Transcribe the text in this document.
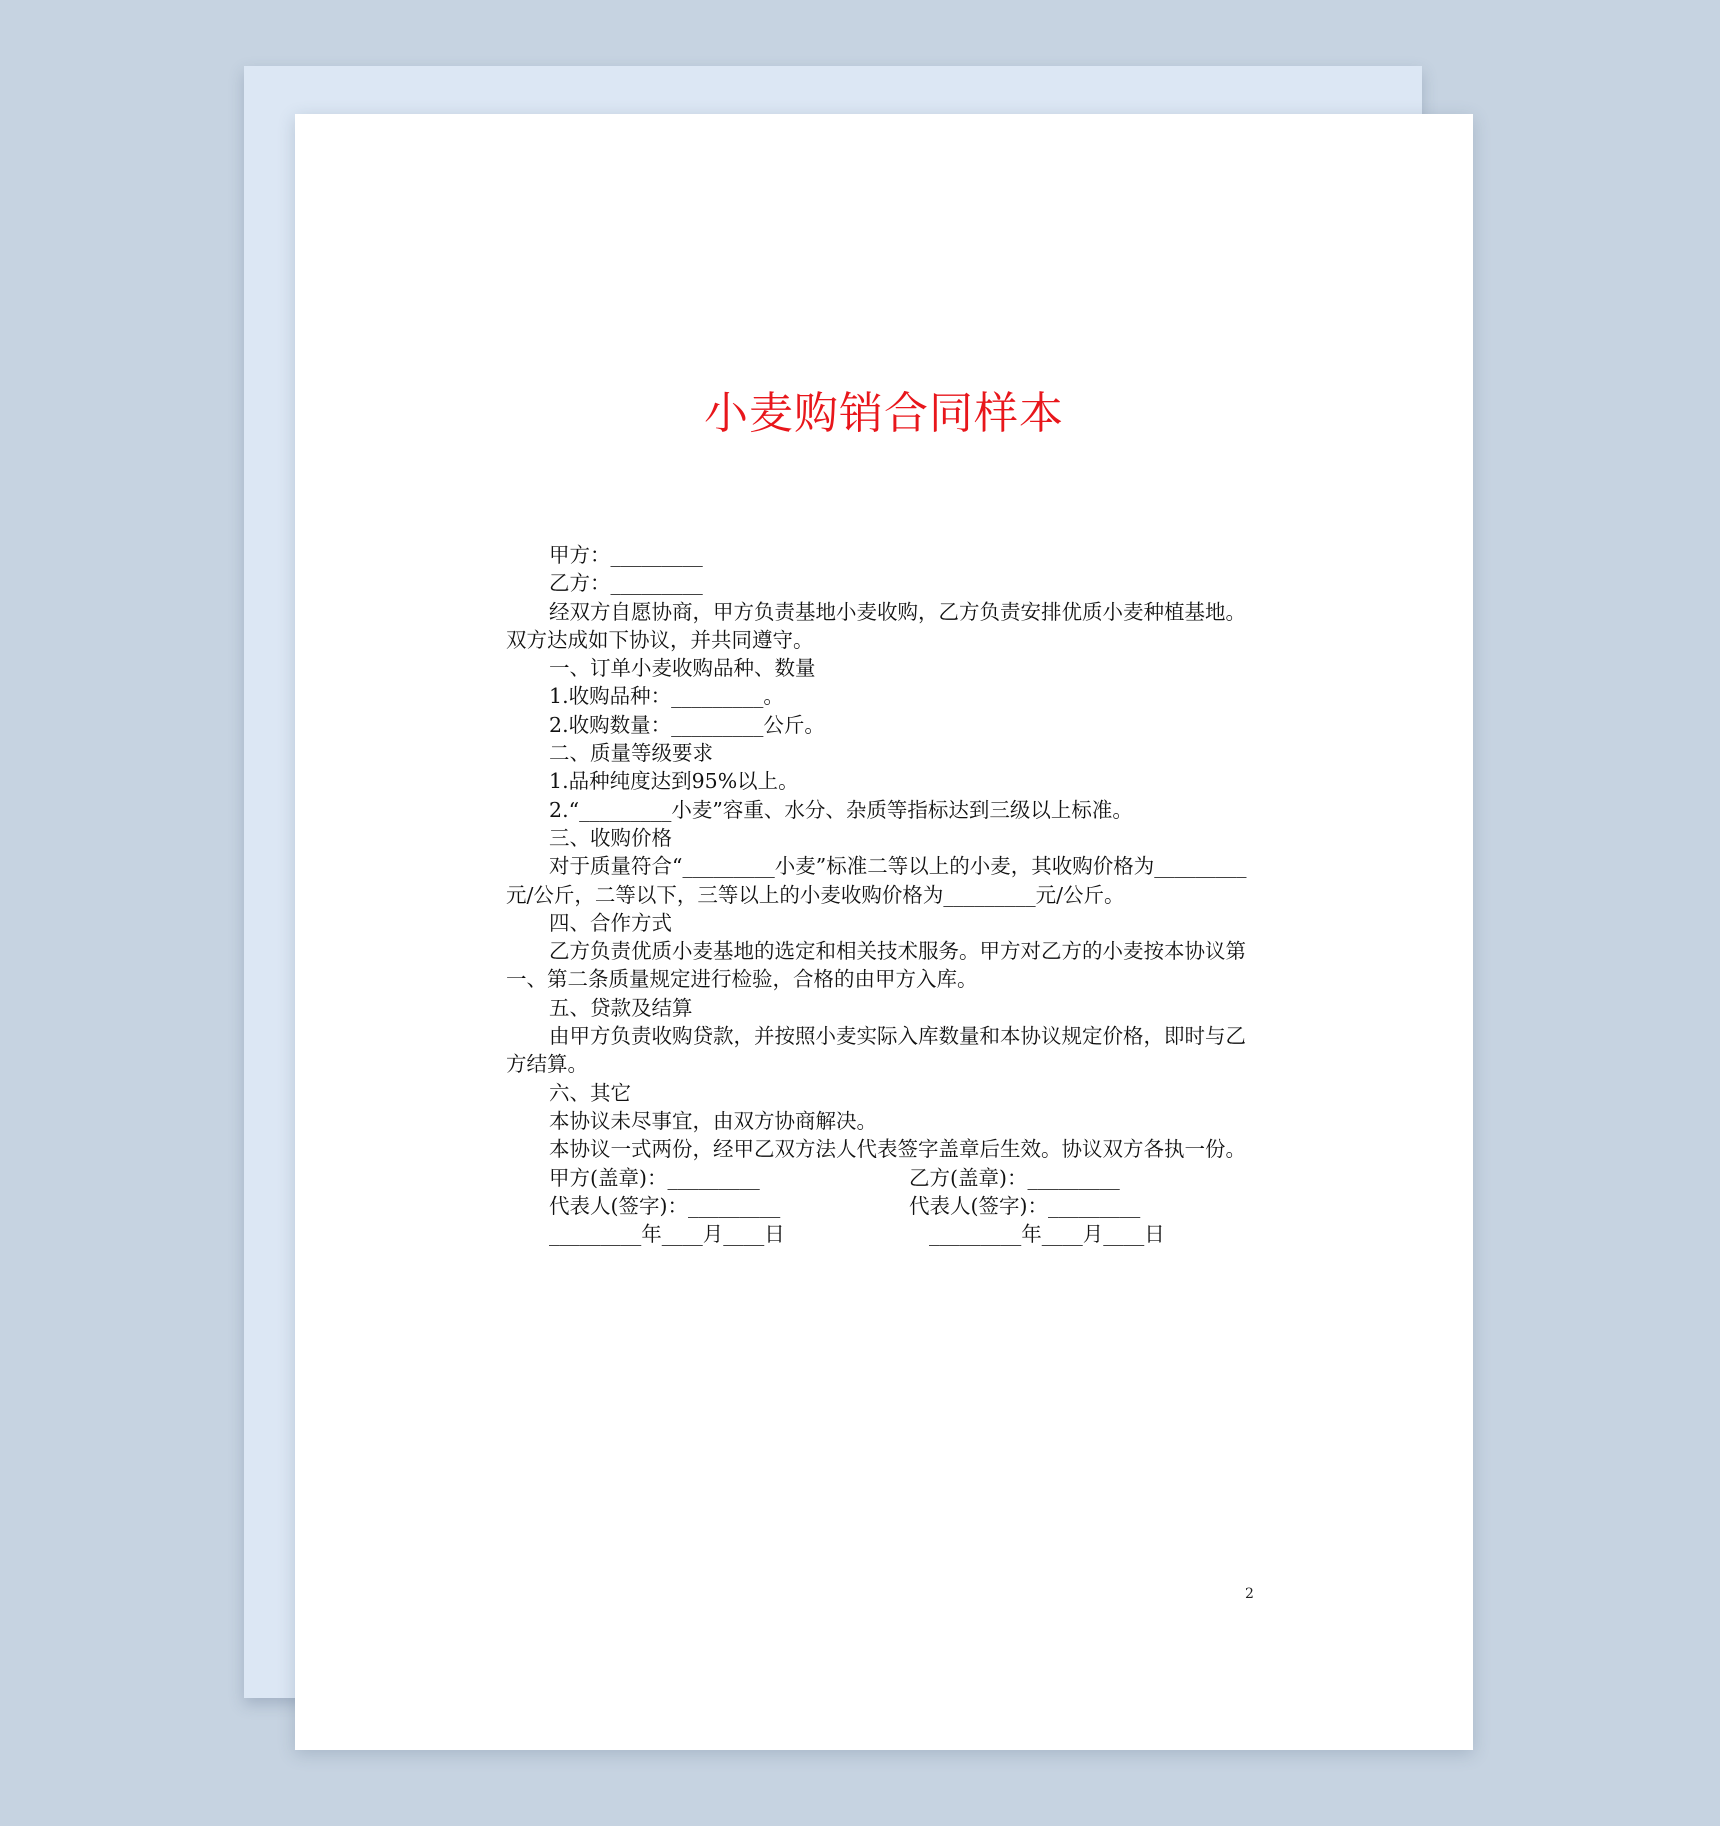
小麦购销合同样本

甲方：_________

乙方：_________

经双方自愿协商，甲方负责基地小麦收购，乙方负责安排优质小麦种植基地。双方达成如下协议，并共同遵守。

一、订单小麦收购品种、数量

1.收购品种：_________。

2.收购数量：_________公斤。

二、质量等级要求

1.品种纯度达到95%以上。

2.“_________小麦”容重、水分、杂质等指标达到三级以上标准。

三、收购价格

对于质量符合“_________小麦”标准二等以上的小麦，其收购价格为_________元/公斤，二等以下，三等以上的小麦收购价格为_________元/公斤。

四、合作方式

乙方负责优质小麦基地的选定和相关技术服务。甲方对乙方的小麦按本协议第一、第二条质量规定进行检验，合格的由甲方入库。

五、贷款及结算

由甲方负责收购贷款，并按照小麦实际入库数量和本协议规定价格，即时与乙方结算。

六、其它

本协议未尽事宜，由双方协商解决。

本协议一式两份，经甲乙双方法人代表签字盖章后生效。协议双方各执一份。

甲方(盖章)：_________	乙方(盖章)：_________
代表人(签字)：_________	代表人(签字)：_________
_________年____月____日	_________年____月____日
2
